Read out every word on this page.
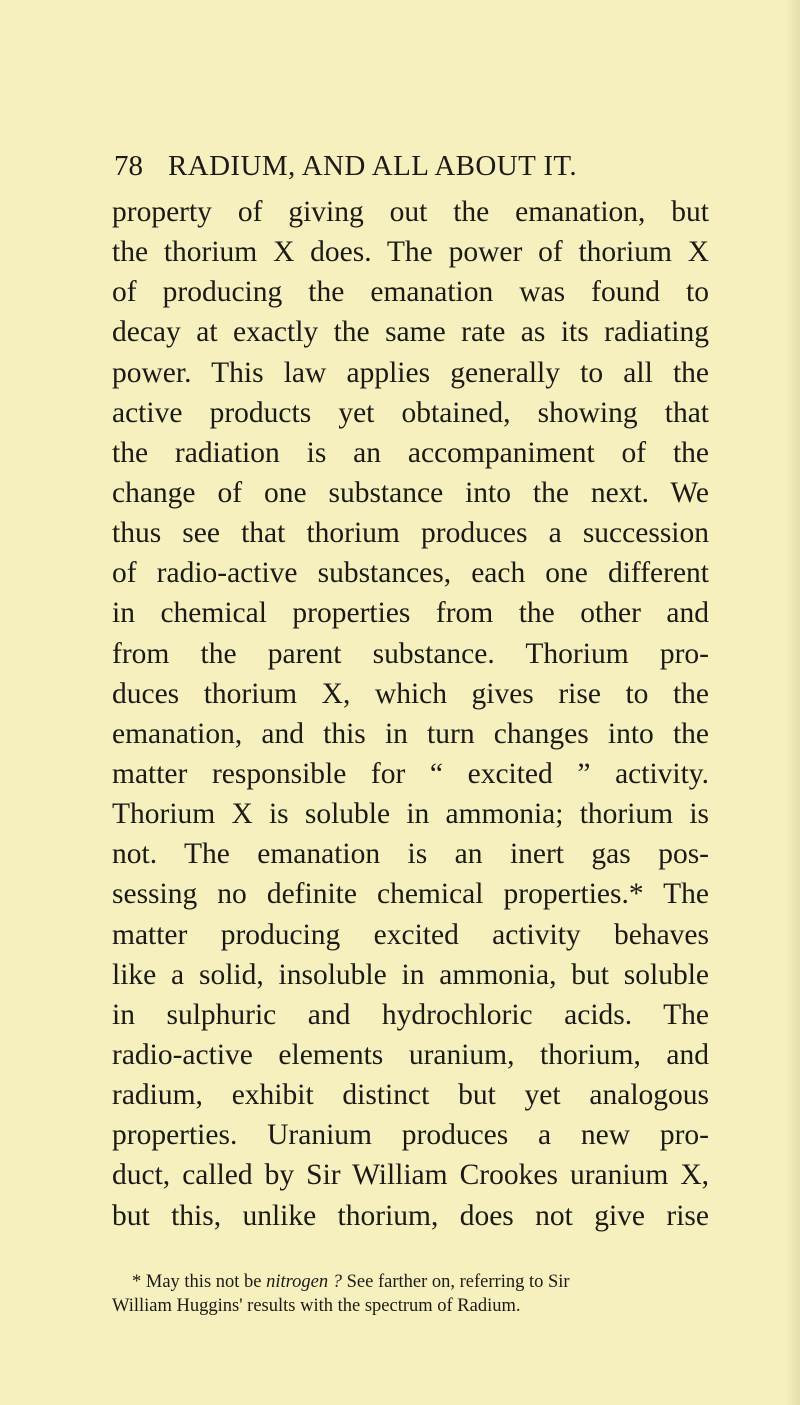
78 RADIUM, AND ALL ABOUT IT.
property of giving out the emanation, but
the thorium X does. The power of thorium X
of producing the emanation was found to
decay at exactly the same rate as its radiating
power. This law applies generally to all the
active products yet obtained, showing that
the radiation is an accompaniment of the
change of one substance into the next. We
thus see that thorium produces a succession
of radio-active substances, each one different
in chemical properties from the other and
from the parent substance. Thorium pro-
duces thorium X, which gives rise to the
emanation, and this in turn changes into the
matter responsible for “ excited ” activity.
Thorium X is soluble in ammonia; thorium is
not. The emanation is an inert gas pos-
sessing no definite chemical properties.* The
matter producing excited activity behaves
like a solid, insoluble in ammonia, but soluble
in sulphuric and hydrochloric acids. The
radio-active elements uranium, thorium, and
radium, exhibit distinct but yet analogous
properties. Uranium produces a new pro-
duct, called by Sir William Crookes uranium X,
but this, unlike thorium, does not give rise
* May this not be nitrogen ? See farther on, referring to Sir
William Huggins' results with the spectrum of Radium.
